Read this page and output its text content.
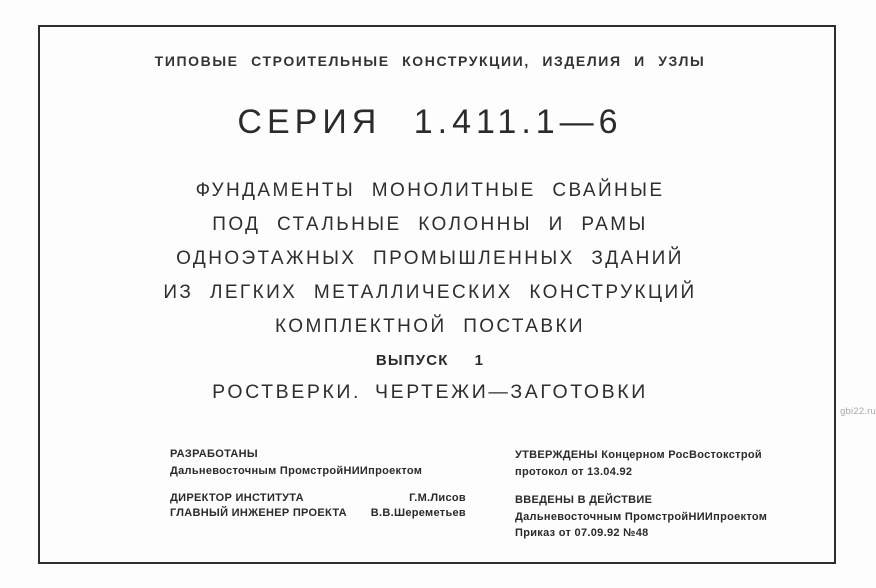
ТИПОВЫЕ СТРОИТЕЛЬНЫЕ КОНСТРУКЦИИ, ИЗДЕЛИЯ И УЗЛЫ
СЕРИЯ 1.411.1—6
ФУНДАМЕНТЫ МОНОЛИТНЫЕ СВАЙНЫЕ
ПОД СТАЛЬНЫЕ КОЛОННЫ И РАМЫ
ОДНОЭТАЖНЫХ ПРОМЫШЛЕННЫХ ЗДАНИЙ
ИЗ ЛЕГКИХ МЕТАЛЛИЧЕСКИХ КОНСТРУКЦИЙ
КОМПЛЕКТНОЙ ПОСТАВКИ
ВЫПУСК 1
РОСТВЕРКИ. ЧЕРТЕЖИ—ЗАГОТОВКИ
РАЗРАБОТАНЫ
Дальневосточным ПромстройНИИпроектом
ДИРЕКТОР ИНСТИТУТА	Г.М.Лисов
ГЛАВНЫЙ ИНЖЕНЕР ПРОЕКТА В.В.Шереметьев
УТВЕРЖДЕНЫ Концерном РосВостокстрой
протокол от 13.04.92
ВВЕДЕНЫ В ДЕЙСТВИЕ
Дальневосточным ПромстройНИИпроектом
Приказ от 07.09.92 №48
gbi22.ru
